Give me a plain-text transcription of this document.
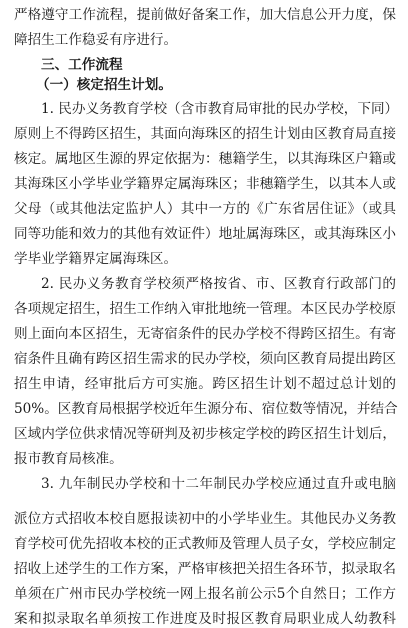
严格遵守工作流程，提前做好备案工作，加大信息公开力度，保
障招生工作稳妥有序进行。
三、工作流程
（一）核定招生计划。
1. 民办义务教育学校（含市教育局审批的民办学校，下同）
原则上不得跨区招生，其面向海珠区的招生计划由区教育局直接
核定。属地区生源的界定依据为：穗籍学生，以其海珠区户籍或
其海珠区小学毕业学籍界定属海珠区；非穗籍学生，以其本人或
父母（或其他法定监护人）其中一方的《广东省居住证》（或具
同等功能和效力的其他有效证件）地址属海珠区，或其海珠区小
学毕业学籍界定属海珠区。
2. 民办义务教育学校须严格按省、市、区教育行政部门的
各项规定招生，招生工作纳入审批地统一管理。本区民办学校原
则上面向本区招生，无寄宿条件的民办学校不得跨区招生。有寄
宿条件且确有跨区招生需求的民办学校，须向区教育局提出跨区
招生申请，经审批后方可实施。跨区招生计划不超过总计划的
50%。区教育局根据学校近年生源分布、宿位数等情况，并结合
区域内学位供求情况等研判及初步核定学校的跨区招生计划后，
报市教育局核准。
3. 九年制民办学校和十二年制民办学校应通过直升或电脑
派位方式招收本校自愿报读初中的小学毕业生。其他民办义务教
育学校可优先招收本校的正式教师及管理人员子女，学校应制定
招收上述学生的工作方案，严格审核把关招生各环节，拟录取名
单须在广州市民办学校统一网上报名前公示5个自然日；工作方
案和拟录取名单须按工作进度及时报区教育局职业成人幼教科
